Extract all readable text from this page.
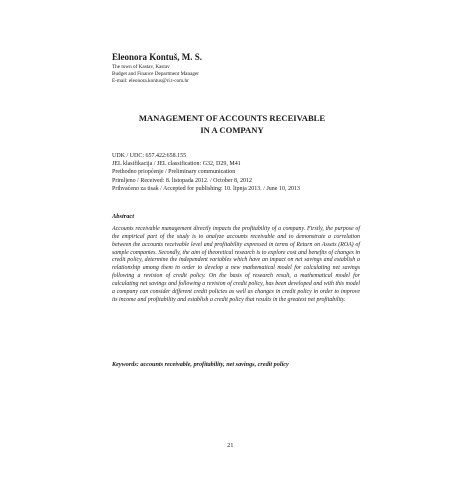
Eleonora Kontuš, M. S.
The town of Kastav, Kastav
Budget and Finance Department Manager
E-mail: eleonora.kontus@ri.t-com.hr
MANAGEMENT OF ACCOUNTS RECEIVABLE
IN A COMPANY
UDK / UDC: 657.422:658.155
JEL klasifikacija / JEL classification: G32, D29, M41
Prethodno priopćenje / Preliminary communication
Primljeno / Received: 8. listopada 2012. / October 8, 2012
Prihvaćeno za tisak / Accepted for publishing: 10. lipnja 2013. / June 10, 2013
Abstract

Accounts receivable management directly impacts the profitability of a company. Firstly, the purpose of the empirical part of the study is to analyze accounts receivable and to demonstrate a correlation between the accounts receivable level and profitability expressed in terms of Return on Assets (ROA) of sample companies. Secondly, the aim of theoretical research is to explore cost and benefits of changes in credit policy, determine the independent variables which have an impact on net savings and establish a relationship among them in order to develop a new mathematical model for calculating net savings following a revision of credit policy. On the basis of research result, a mathematical model for calculating net savings and following a revision of credit policy, has been developed and with this model a company can consider different credit policies as well as changes in credit policy in order to improve its income and profitability and establish a credit policy that results in the greatest net profitability.

Keywords: accounts receivable, profitability, net savings, credit policy
21
